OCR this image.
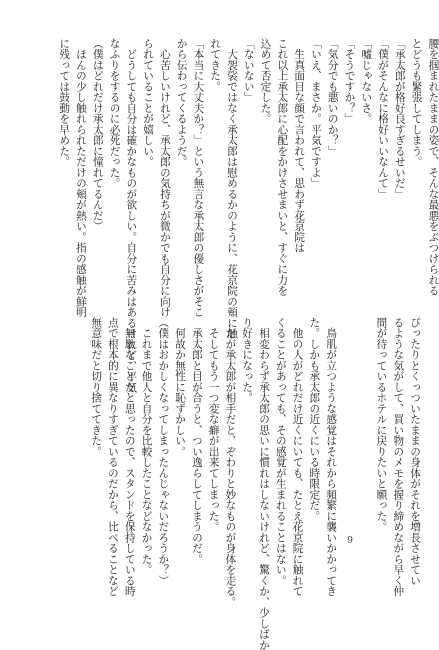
腰を掴まれたままの姿で、そんな最悪をぶつけられる
とどうも緊張してしまう。
「承太郎が格好良すぎるせいだ」
「僕がそんなに格好いいなんて」
「嘘じゃないさ。
「そうですか？」
「気分でも悪いのか？」
「いえ、まさか。平気ですよ」
　生真面目な顔で言われて、思わず花京院は
これ以上承太郎に心配をかけさせまいと、すぐに力を
込めて否定した。
「ないない」
　大袈裟ではなく承太郎は慰めるかのように、花京院の頬に触
れてきた。
「本当に大丈夫か？」という無言な承太郎の優しさがそこ
から伝わってくるようだ。
　心苦しいけれど、承太郎の気持ちが微かでも自分に向け
られていることが嬉しい。
　どうしても自分は確かなものが欲しい。自分に苦みはあるけれど、平気
なふりをするのに必死だった。
（僕はどれだけ承太郎に憧れてるんだ）
　ほんの少し触れられただけの頬が熱い。指の感触が鮮明
に残っては鼓動を早めた。
ぴったりとくっついたままの身体がそれを増長させてい
るような気がして、買い物のメモを握り締めながら早く仲
間が待っているホテルに戻りたいと願った。
　鳥肌が立つような感覚はそれから頻繁に襲いかかってき
た。しかも承太郎の近くにいる時限定だ。
　他の人がどれだけ近くにいても、たとえ花京院に触れて
くることがあっても、その感覚が生まれることはない。
　相変わらず承太郎の思いに慣れはしないけれど、驚くか、少しばか
り好きになった。
　だが承太郎が相手だと、ぞわりと妙なものが身体を走る。
　そしてもう一つ変な癖が出来てしまった。
　承太郎と目が合うと、つい逸らしてしまうのだ。
　何故か無性に恥ずかしい。
（僕はおかしくなってしまったんじゃないだろうか？）
　これまで他人と自分を比較したことなどなかった。
　無駄なことだと思ったので、スタンドを保持している時
点で根本的に異なりすぎているのだから、比べることなど
無意味だと切り捨ててきた。
9
